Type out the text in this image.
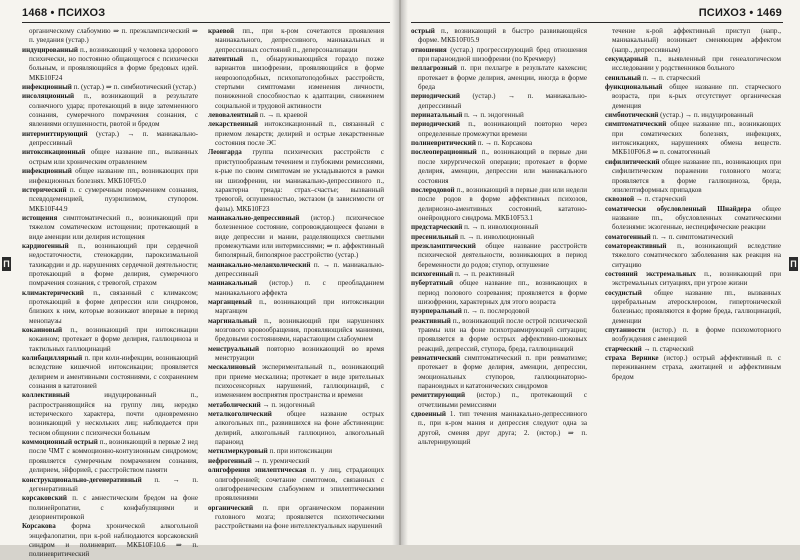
1468 • ПСИХОЗ
органическому слабоумию ⇒ п. преэклампсический ⇒ п. уведания (устар.)
индуцированный п., возникающий у человека здорового психически, но постоянно общающегося с психически больным, и проявляющийся в форме бредовых идей. МКБ10F24
инфекционный п. (устар.) ⇒ п. симбиотический (устар.)
инсоляционный п., возникающий в результате солнечного удара; протекающий в виде затемненного сознания, сумеречного помрачения сознания, с явлениями оглушенности, рвотой и бредом
интермиттирующий (устар.) → п. маниакально-депрессивный
интоксикационный общее название пп., вызванных острым или хроническим отравлением
инфекционный общее название пп., возникающих при инфекционных болезнях. МКБ10F05.0
истерический п. с сумеречным помрачением сознания, псевдодеменцией, пуэрилизмом, ступором. МКБ10F44.9
истощения симптоматический п., возникающий при тяжелом соматическом истощении; протекающий в виде аменции или делирия истощения
кардиогенный п., возникающий при сердечной недостаточности, стенокардии, пароксизмальной тахикардии и др. нарушениях сердечной деятельности; протекающий в форме делирия, сумеречного помрачения сознания, с тревогой, страхом
климактерический п., связанный с климаксом; протекающий в форме депрессии или синдромов, близких к ним, которые возникают впервые в период менопаузы
кокаиновый п., возникающий при интоксикации кокаином; протекает в форме делирия, галлюциноза и тактильных галлюцинаций
колибациллярный п. при коли-инфекции, возникающий вследствие кишечной интоксикации; проявляется делирием и аментивными состояниями, с сохранением сознания в кататонией
коллективный	индуцированный п., распространяющийся на группу лиц, нередко истерического характера, почти одновременно возникающий у нескольких лиц; наблюдается при тесном общении с психически больным
коммоционный острый п., возникающий в первые 2 нед после ЧМТ с коммоционно-контузионным синдромом; проявляется сумеречным помрачением сознания, делирием, эйфорией, с расстройством памяти
конструкционально-дегенеративный п. → п. дегенеративный
корсаковский п. с амнестическим бредом на фоне полинейропатии, с конфабуляциями и дезориентировкой
Корсакова форма хронической алкогольной энцефалопатии, при к-рой наблюдаются корсаковский синдром и полиневрит. МКБ10F10.6 ⇒ п. полиневритический
краевой пп., при к-ром сочетаются проявления маниакального, депрессивного, маниакальных и депрессивных состояний п., деперсонализации
латентный п., обнаруживающийся гораздо позже вариантов шизофрении, проявляющийся в форме неврозоподобных, психопатоподобных расстройств, стертыми симптомами изменения личности, пониженной способностью к адаптации, снижением социальной и трудовой активности
левовалентный п. → п. краевой
лекарственный интоксикационный п., связанный с приемом лекарств; делирий и острые лекарственные состояния после ЭС
Леонгарда группа психических расстройств с приступообразным течением и глубокими ремиссиями, к-рые по своим симптомам не укладываются в рамки ни шизофрении, ни маниакально-депрессивного п., характерна триада: страх–счастье; вызванный тревогой, оглушенностью, экстазом (в зависимости от фазы). МКБ10F23
маниакально-депрессивный (истор.) психическое болезненное состояние, сопровождающееся фазами в виде депрессии и мании, разделяющихся светлыми промежутками или интермиссиями; ⇒ п. аффективный биполярный, биполярное расстройство (устар.)
маниакально-меланхолический п. → п. маниакально-депрессивный
маниакальный (истор.) п. с преобладанием маниакального аффекта
марганцевый п., возникающий при интоксикации марганцем
маргинальный п., возникающий при нарушениях мозгового кровообращения, проявляющийся маниями, бредовыми состояниями, нарастающим слабоумием
менструальный повторно возникающий во время менструации
мескалиновый экспериментальный п., возникающий при приеме мескалина; протекает в виде зрительных психосенсорных нарушений, галлюцинаций, с изменением восприятия пространства и времени
метаболический → п. эндогенный
металкоголический общее название острых алкогольных пп., развившихся на фоне абстиненции: делирий, алкогольный галлюциноз, алкогольный параноид
метилмеркуровый п. при интоксикации
нефрогенный → п. уремический
олигофрения эпилептическая п. у лиц, страдающих олигофренией; сочетание симптомов, связанных с олигофреническим слабоумием и эпилептическими проявлениями
органический п. при органическом поражении головного мозга; проявляется психотическими расстройствами на фоне интеллектуальных нарушений
П
ПСИХОЗ • 1469
острый п., возникающий в быстро развивающейся форме. МКБ10F05.9
отношения (устар.) прогрессирующий бред отношения при параноидной шизофрении (по Кречмеру)
пеллагрозный п. при пеллагре в результате кахексии; протекает в форме делирия, аменции, иногда в форме бреда
периодический (устар.) → п. маниакально-депрессивный
перинатальный п. → п. эндогенный
периодический п., возникающий повторно через определенные промежутки времени
полиневритический п. → п. Корсакова
послеоперационный п., возникающий в первые дни после хирургической операции; протекает в форме делирия, аменции, депрессии или маниакального состояния
послеродовой п., возникающий в первые дни или недели после родов в форме аффективных психозов, делириозно-аментивных состояний, кататоно-онейроидного синдрома. МКБ10F53.1
предстарческий п. → п. инволюционный
пресенильный п. → п. инволюционный
презкламптический общее название расстройств психической деятельности, возникающих в период беременности до родов; ступор, оглушение
психогенный п. → п. реактивный
пубертатный общее название пп., возникающих в период полового созревания; проявляется в форме шизофрении, характерных для этого возраста
пуэрперальный п. → п. послеродовой
реактивный п., возникающий после острой психической травмы или на фоне психотравмирующей ситуации; проявляется в форме острых аффективно-шоковых реакций, депрессий, ступора, бреда, галлюцинаций
ревматический симптоматический п. при ревматизме; протекает в форме делирия, аменции, депрессии, эмоциональных ступоров, галлюцинаторно-параноидных и кататонических синдромов
ремиттирующий (истор.) п., протекающий с отчетливыми ремиссиями
сдвоенный 1. тип течения маниакально-депрессивного п., при к-ром мания и депрессия следуют одна за другой, сменяя друг друга; 2. (истор.) ⇒ п. альтернирующий
течение к-рой аффективный приступ (напр., маниакальный) возникает сменяющим аффектом (напр., депрессивным)
секундарный п., выявленный при генеалогическом исследовании у родственников больного
сенильный п. → п. старческий
функциональный общее название пп. старческого возраста, при к-рых отсутствует органическая деменция
симбиотический (устар.) → п. индуцированный
симптоматический общее название пп., возникающих при соматических болезнях, инфекциях, интоксикациях, нарушениях обмена веществ. МКБ10F06.8 ⇒ п. соматогенный
сифилитический общее название пп., возникающих при сифилитическом поражении головного мозга; проявляется в форме галлюциноза, бреда, эпилептиформных припадков
сквозной → п. старческий
соматически обусловленный Шнайдера общее название пп., обусловленных соматическими болезнями: экзогенные, неспецифические реакции
соматогенный п. → п. симптоматический
соматореактивный п., возникающий вследствие тяжелого соматического заболевания как реакция на ситуацию
состояний экстремальных п., возникающий при экстремальных ситуациях, при угрозе жизни
сосудистый общее название пп., вызванных церебральным атеросклерозом, гипертонической болезнью; проявляются в форме бреда, галлюцинаций, деменции
спутанности (истор.) п. в форме психомоторного возбуждения с аменцией
старческий → п. старческий
страха Вернике (истор.) острый аффективный п. с переживанием страха, ажитацией и аффективным бредом
П
